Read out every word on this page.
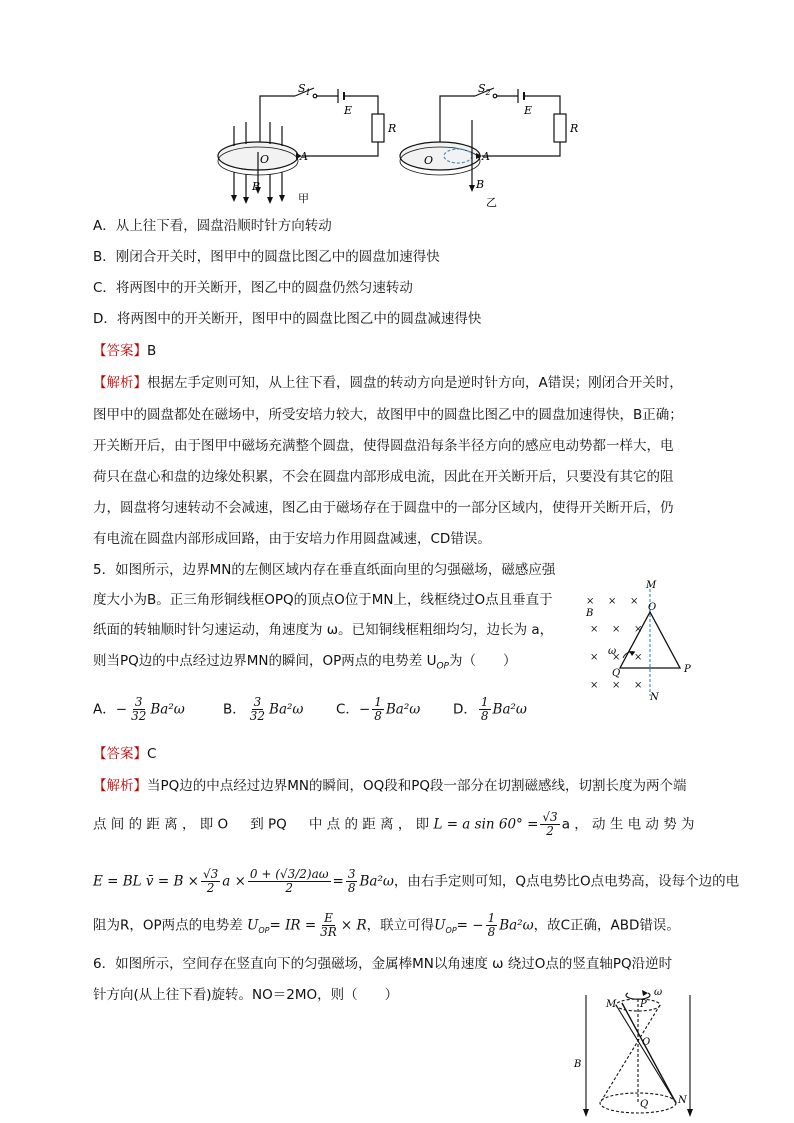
$S_1$
E
R
O	A
B
甲
$S_2$
E
R
O	A
B
乙
A．从上往下看，圆盘沿顺时针方向转动
B．刚闭合开关时，图甲中的圆盘比图乙中的圆盘加速得快
C．将两图中的开关断开，图乙中的圆盘仍然匀速转动
D．将两图中的开关断开，图甲中的圆盘比图乙中的圆盘减速得快
【答案】B
【解析】根据左手定则可知，从上往下看，圆盘的转动方向是逆时针方向，A错误；刚闭合开关时，
图甲中的圆盘都处在磁场中，所受安培力较大，故图甲中的圆盘比图乙中的圆盘加速得快，B正确；
开关断开后，由于图甲中磁场充满整个圆盘，使得圆盘沿每条半径方向的感应电动势都一样大，电
荷只在盘心和盘的边缘处积累，不会在圆盘内部形成电流，因此在开关断开后，只要没有其它的阻
力，圆盘将匀速转动不会减速，图乙由于磁场存在于圆盘中的一部分区域内，使得开关断开后，仍
有电流在圆盘内部形成回路，由于安培力作用圆盘减速，CD错误。
5．如图所示，边界MN的左侧区域内存在垂直纸面向里的匀强磁场，磁感应强
度大小为B。正三角形铜线框OPQ的顶点O位于MN上，线框绕过O点且垂直于
纸面的转轴顺时针匀速运动，角速度为 ω。已知铜线框粗细均匀，边长为 a，
则当PQ边的中点经过边界MN的瞬间，OP两点的电势差 $U_{OP}$为（　　）
× × ×
× × ×
× × ×
× × ×
M
N
B
O
P
Q
ω
A．− $\frac{3}{32} Ba^2\omega$	B． $\frac{3}{32} Ba^2\omega$ C．− $\frac{1}{8} Ba^2\omega$ D． $\frac{1}{8} Ba^2\omega$
【答案】C
【解析】当PQ边的中点经过边界MN的瞬间，OQ段和PQ段一部分在切割磁感线，切割长度为两个端
点 间 的 距 离 ， 即 O 　 到 PQ 　 中 点 的 距 离 ， 即 L = a $\sin 60^\circ = \frac{√3}{2}$ a ， 动 生 电 动 势 为
E = BL v̄ = $B \times \frac{√3}{2}$ $a \times \frac{0 + (√3/2)a\omega}{2} = \frac{3}{8} Ba^2\omega$，由右手定则可知，Q点电势比O点电势高，设每个边的电
阻为R，OP两点的电势差 $U_{OP}=$ IR = $\frac{E}{3R} \times R$，联立可得$U_{OP}= - \frac{1}{8} Ba^2\omega$，故C正确，ABD错误。
6．如图所示，空间存在竖直向下的匀强磁场，金属棒MN以角速度 ω 绕过O点的竖直轴PQ沿逆时
针方向(从上往下看)旋转。NO＝2MO，则（　　）
M
N
O
P
Q
B
ω
